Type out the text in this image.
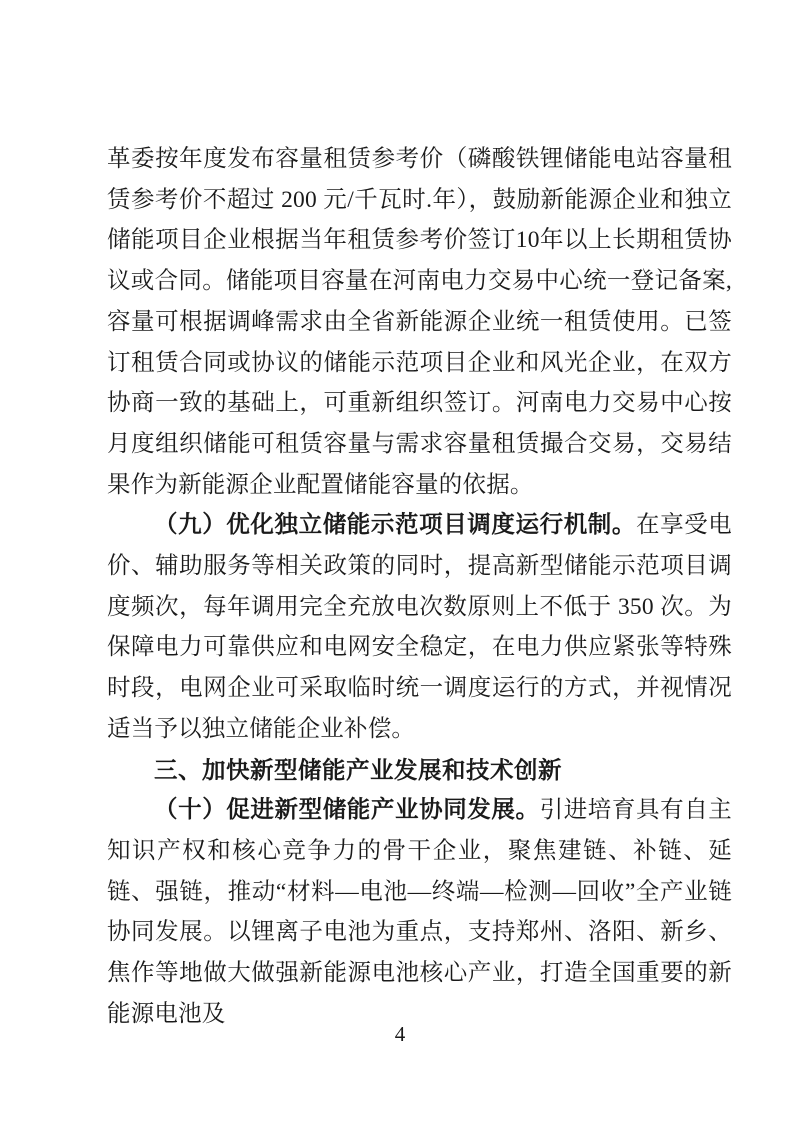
革委按年度发布容量租赁参考价（磷酸铁锂储能电站容量租赁参考价不超过 200 元/千瓦时.年），鼓励新能源企业和独立储能项目企业根据当年租赁参考价签订10年以上长期租赁协议或合同。储能项目容量在河南电力交易中心统一登记备案,容量可根据调峰需求由全省新能源企业统一租赁使用。已签订租赁合同或协议的储能示范项目企业和风光企业，在双方协商一致的基础上，可重新组织签订。河南电力交易中心按月度组织储能可租赁容量与需求容量租赁撮合交易，交易结果作为新能源企业配置储能容量的依据。

（九）优化独立储能示范项目调度运行机制。在享受电价、辅助服务等相关政策的同时，提高新型储能示范项目调度频次，每年调用完全充放电次数原则上不低于 350 次。为保障电力可靠供应和电网安全稳定，在电力供应紧张等特殊时段，电网企业可采取临时统一调度运行的方式，并视情况适当予以独立储能企业补偿。

三、加快新型储能产业发展和技术创新

（十）促进新型储能产业协同发展。引进培育具有自主知识产权和核心竞争力的骨干企业，聚焦建链、补链、延链、强链，推动“材料—电池—终端—检测—回收”全产业链协同发展。以锂离子电池为重点，支持郑州、洛阳、新乡、焦作等地做大做强新能源电池核心产业，打造全国重要的新能源电池及

4
